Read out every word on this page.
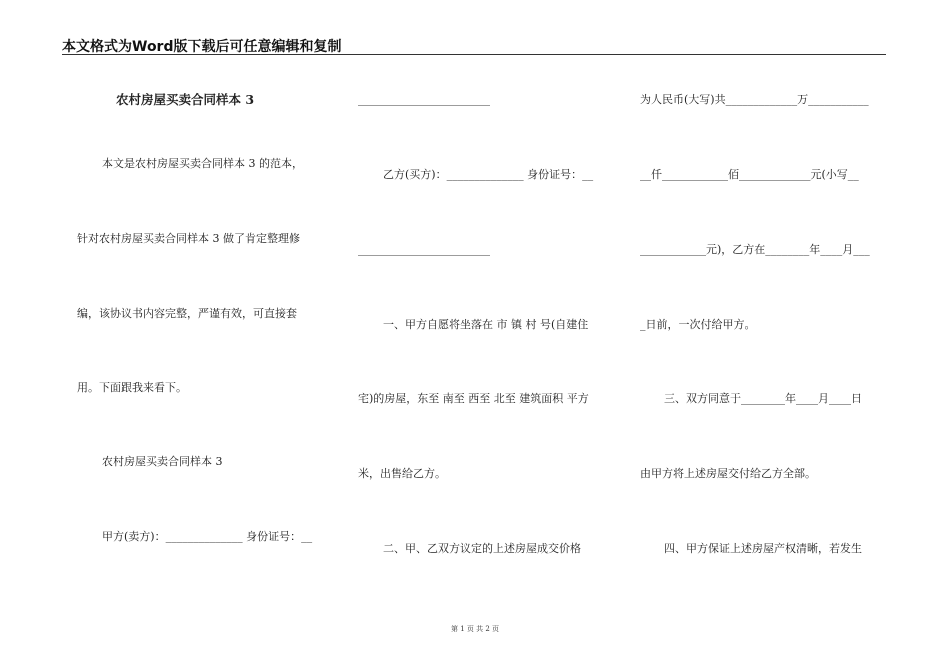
本文格式为Word版下载后可任意编辑和复制
农村房屋买卖合同样本 3
本文是农村房屋买卖合同样本 3 的范本，
针对农村房屋买卖合同样本 3 做了肯定整理修
编，该协议书内容完整，严谨有效，可直接套
用。下面跟我来看下。
农村房屋买卖合同样本 3
甲方(卖方)：______________ 身份证号：__
________________________
乙方(买方)：______________ 身份证号：__
________________________
一、甲方自愿将坐落在 市 镇 村 号(自建住
宅)的房屋，东至 南至 西至 北至 建筑面积 平方
米，出售给乙方。
二、甲、乙双方议定的上述房屋成交价格
为人民币(大写)共_____________万___________
__仟____________佰_____________元(小写__
____________元)，乙方在________年____月___
_日前，一次付给甲方。
三、双方同意于________年____月____日
由甲方将上述房屋交付给乙方全部。
四、甲方保证上述房屋产权清晰，若发生
第 1 页 共 2 页
